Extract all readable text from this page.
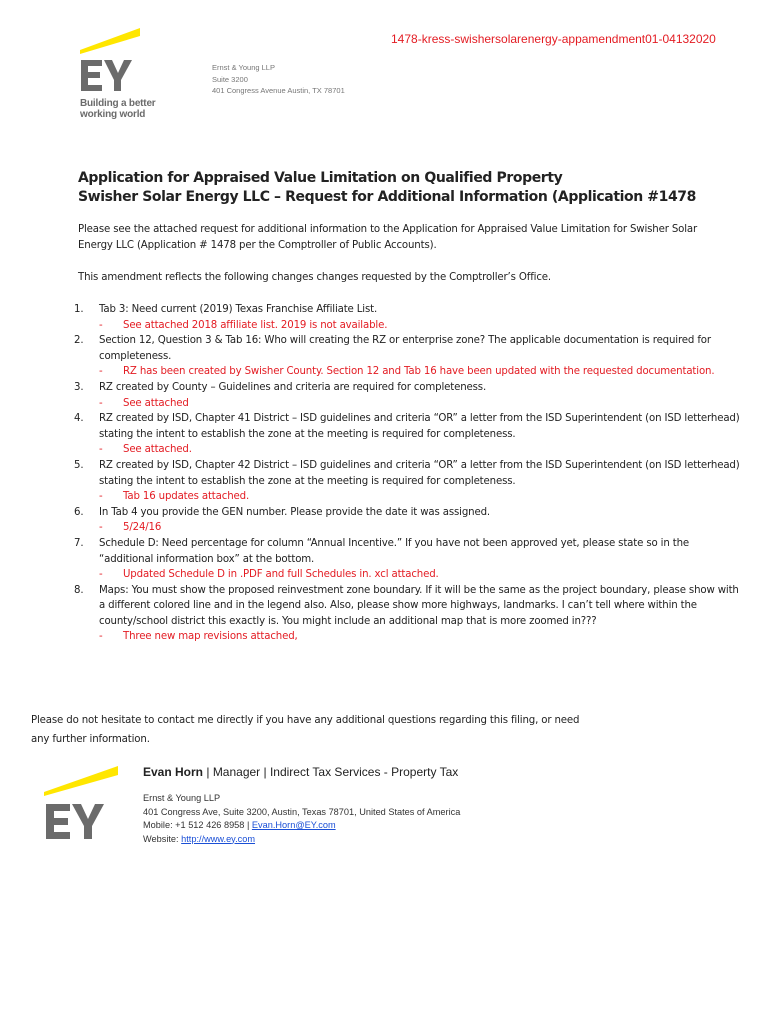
1478-kress-swishersolarenergy-appamendment01-04132020
Building a better
working world
Ernst & Young LLP
Suite 3200
401 Congress Avenue Austin, TX 78701
Application for Appraised Value Limitation on Qualified Property
Swisher Solar Energy LLC – Request for Additional Information (Application #1478
Please see the attached request for additional information to the Application for Appraised Value Limitation for Swisher Solar Energy LLC (Application # 1478 per the Comptroller of Public Accounts).
This amendment reflects the following changes changes requested by the Comptroller’s Office.
1.	Tab 3: Need current (2019) Texas Franchise Affiliate List.
- See attached 2018 affiliate list. 2019 is not available.
2.	Section 12, Question 3 & Tab 16: Who will creating the RZ or enterprise zone? The applicable documentation is required for completeness.
- RZ has been created by Swisher County. Section 12 and Tab 16 have been updated with the requested documentation.
3.	RZ created by County – Guidelines and criteria are required for completeness.
- See attached
4.	RZ created by ISD, Chapter 41 District – ISD guidelines and criteria “OR” a letter from the ISD Superintendent (on ISD letterhead) stating the intent to establish the zone at the meeting is required for completeness.
- See attached.
5.	RZ created by ISD, Chapter 42 District – ISD guidelines and criteria “OR” a letter from the ISD Superintendent (on ISD letterhead) stating the intent to establish the zone at the meeting is required for completeness.
- Tab 16 updates attached.
6.	In Tab 4 you provide the GEN number. Please provide the date it was assigned.
- 5/24/16
7.	Schedule D: Need percentage for column “Annual Incentive.” If you have not been approved yet, please state so in the “additional information box” at the bottom.
- Updated Schedule D in .PDF and full Schedules in. xcl attached.
8.	Maps: You must show the proposed reinvestment zone boundary. If it will be the same as the project boundary, please show with a different colored line and in the legend also. Also, please show more highways, landmarks. I can’t tell where within the county/school district this exactly is. You might include an additional map that is more zoomed in???
- Three new map revisions attached,
Please do not hesitate to contact me directly if you have any additional questions regarding this filing, or need any further information.
Evan Horn | Manager | Indirect Tax Services - Property Tax
Ernst & Young LLP
401 Congress Ave, Suite 3200, Austin, Texas 78701, United States of America
Mobile: +1 512 426 8958 | Evan.Horn@EY.com
Website: http://www.ey.com
